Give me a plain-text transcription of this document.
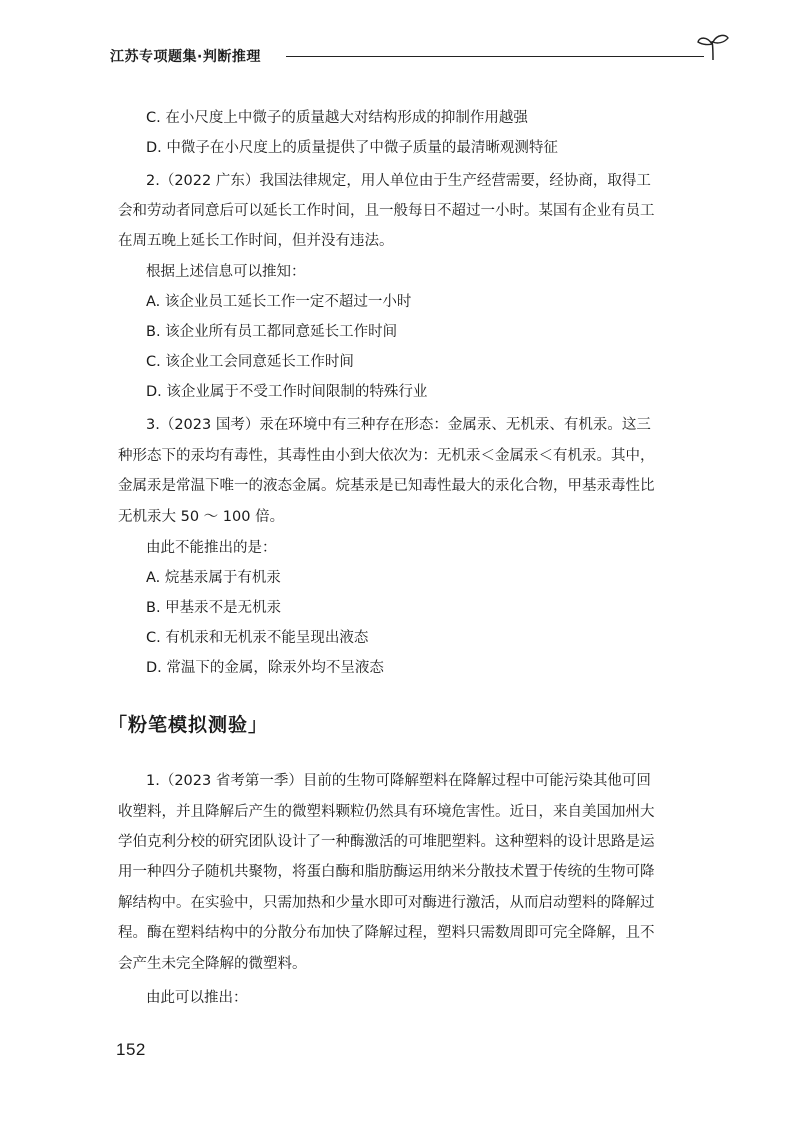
江苏专项题集·判断推理
C. 在小尺度上中微子的质量越大对结构形成的抑制作用越强
D. 中微子在小尺度上的质量提供了中微子质量的最清晰观测特征
2.（2022 广东）我国法律规定，用人单位由于生产经营需要，经协商，取得工
会和劳动者同意后可以延长工作时间，且一般每日不超过一小时。某国有企业有员工
在周五晚上延长工作时间，但并没有违法。
根据上述信息可以推知：
A. 该企业员工延长工作一定不超过一小时
B. 该企业所有员工都同意延长工作时间
C. 该企业工会同意延长工作时间
D. 该企业属于不受工作时间限制的特殊行业
3.（2023 国考）汞在环境中有三种存在形态：金属汞、无机汞、有机汞。这三
种形态下的汞均有毒性，其毒性由小到大依次为：无机汞＜金属汞＜有机汞。其中，
金属汞是常温下唯一的液态金属。烷基汞是已知毒性最大的汞化合物，甲基汞毒性比
无机汞大 50 ～ 100 倍。
由此不能推出的是：
A. 烷基汞属于有机汞
B. 甲基汞不是无机汞
C. 有机汞和无机汞不能呈现出液态
D. 常温下的金属，除汞外均不呈液态
1.（2023 省考第一季）目前的生物可降解塑料在降解过程中可能污染其他可回
收塑料，并且降解后产生的微塑料颗粒仍然具有环境危害性。近日，来自美国加州大
学伯克利分校的研究团队设计了一种酶激活的可堆肥塑料。这种塑料的设计思路是运
用一种四分子随机共聚物，将蛋白酶和脂肪酶运用纳米分散技术置于传统的生物可降
解结构中。在实验中，只需加热和少量水即可对酶进行激活，从而启动塑料的降解过
程。酶在塑料结构中的分散分布加快了降解过程，塑料只需数周即可完全降解，且不
会产生未完全降解的微塑料。
由此可以推出：
「粉笔模拟测验」
152
